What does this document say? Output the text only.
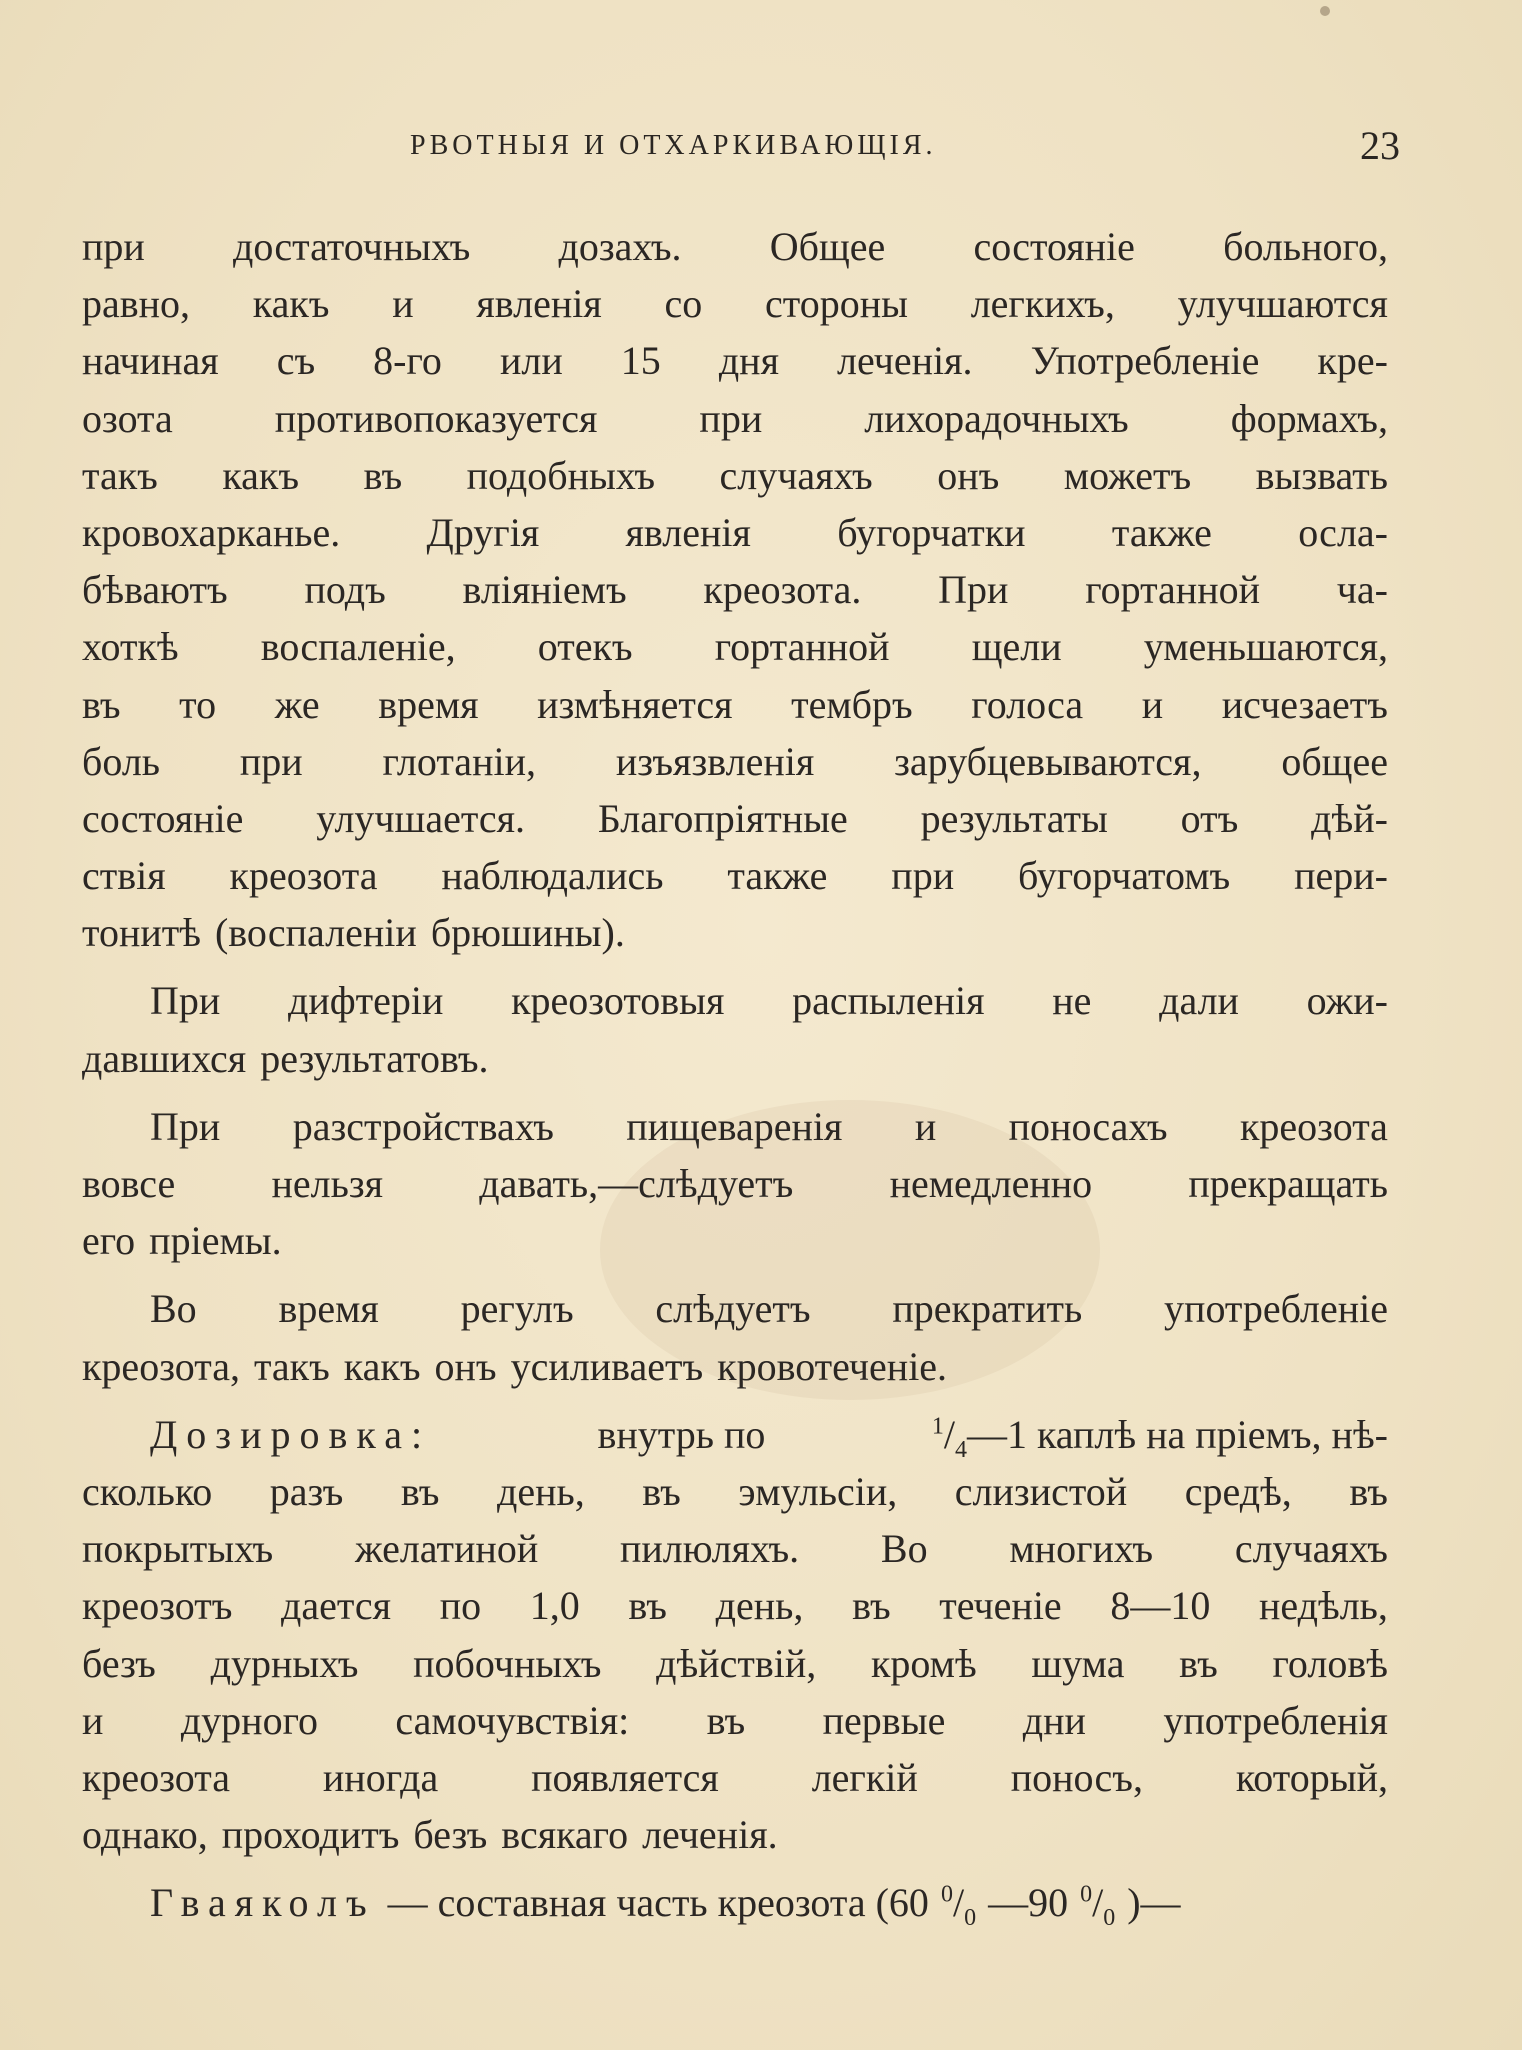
РВОТНЫЯ И ОТХАРКИВАЮЩІЯ.	23
при достаточныхъ дозахъ. Общее состояніе больного,
равно, какъ и явленія со стороны легкихъ, улучшаются
начиная съ 8-го или 15 дня леченія. Употребленіе кре-
озота	противопоказуется	при	лихорадочныхъ	формахъ,
такъ какъ въ подобныхъ случаяхъ онъ можетъ вызвать
кровохарканье. Другія явленія бугорчатки также осла-
бѣваютъ подъ вліяніемъ креозота. При гортанной ча-
хоткѣ воспаленіе, отекъ гортанной щели уменьшаются,
въ то же время измѣняется тембръ голоса и исчезаетъ
боль при глотаніи, изъязвленія зарубцевываются, общее
состояніе улучшается. Благопріятные результаты отъ дѣй-
ствія креозота наблюдались также при бугорчатомъ пери-
тонитѣ (воспаленіи брюшины).
При дифтеріи креозотовыя распыленія не дали ожи-
давшихся результатовъ.
При разстройствахъ пищеваренія и поносахъ креозота
вовсе нельзя давать,—слѣдуетъ немедленно прекращать
его пріемы.
Во время регулъ слѣдуетъ прекратить употребленіе
креозота, такъ какъ онъ усиливаетъ кровотеченіе.
Дозировка:	внутрь по	$^1/_4—1$ каплѣ на пріемъ, нѣ-
сколько разъ въ день, въ эмульсіи, слизистой средѣ, въ
покрытыхъ желатиной пилюляхъ. Во многихъ случаяхъ
креозотъ дается по 1,0 въ день, въ теченіе 8—10 недѣль,
безъ дурныхъ побочныхъ дѣйствій, кромѣ шума въ головѣ
и дурного самочувствія: въ первые дни употребленія
креозота иногда появляется легкій поносъ, который,
однако, проходитъ безъ всякаго леченія.
Гваяколъ — составная часть креозота (60 $^0/_0$ —90 $^0/_0$ )—
